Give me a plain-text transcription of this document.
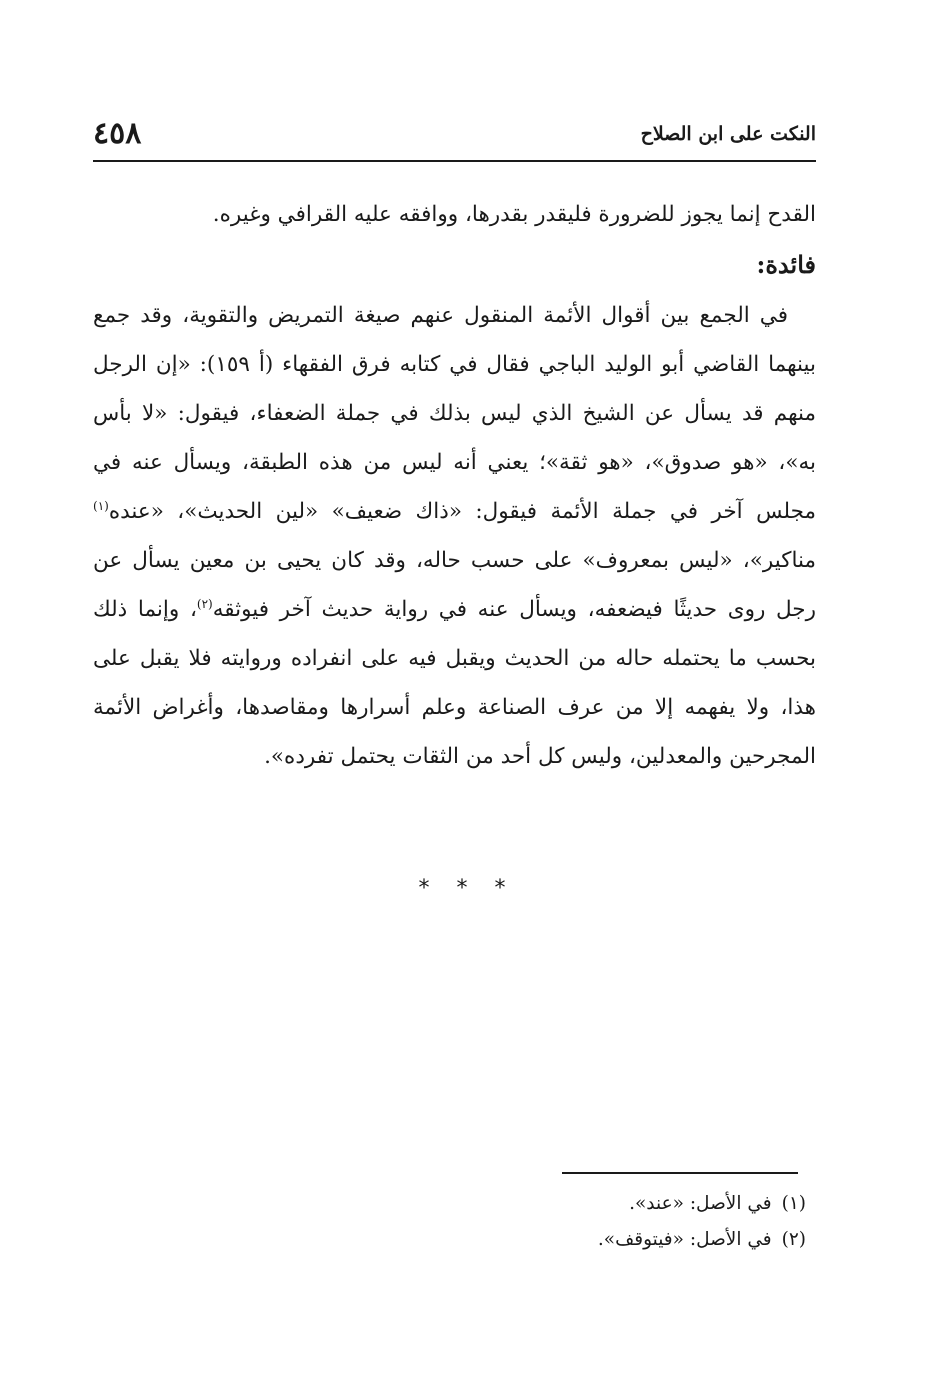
النكت على ابن الصلاح
٤٥٨

القدح إنما يجوز للضرورة فليقدر بقدرها، ووافقه عليه القرافي وغيره.

فائدة:

في الجمع بين أقوال الأئمة المنقول عنهم صيغة التمريض والتقوية، وقد جمع بينهما القاضي أبو الوليد الباجي فقال في كتابه فرق الفقهاء (أ ١٥٩): «إن الرجل منهم قد يسأل عن الشيخ الذي ليس بذلك في جملة الضعفاء، فيقول: «لا بأس به»، «هو صدوق»، «هو ثقة»؛ يعني أنه ليس من هذه الطبقة، ويسأل عنه في مجلس آخر في جملة الأئمة فيقول: «ذاك ضعيف» «لين الحديث»، «عنده$^{(١)}$ مناكير»، «ليس بمعروف» على حسب حاله، وقد كان يحيى بن معين يسأل عن رجل روى حديثًا فيضعفه، ويسأل عنه في رواية حديث آخر فيوثقه$^{(٢)}$، وإنما ذلك بحسب ما يحتمله حاله من الحديث ويقبل فيه على انفراده وروايته فلا يقبل على هذا، ولا يفهمه إلا من عرف الصناعة وعلم أسرارها ومقاصدها، وأغراض الأئمة المجرحين والمعدلين، وليس كل أحد من الثقات يحتمل تفرده».

* * *

(١)في الأصل: «عند».

(٢)في الأصل: «فيتوقف».
